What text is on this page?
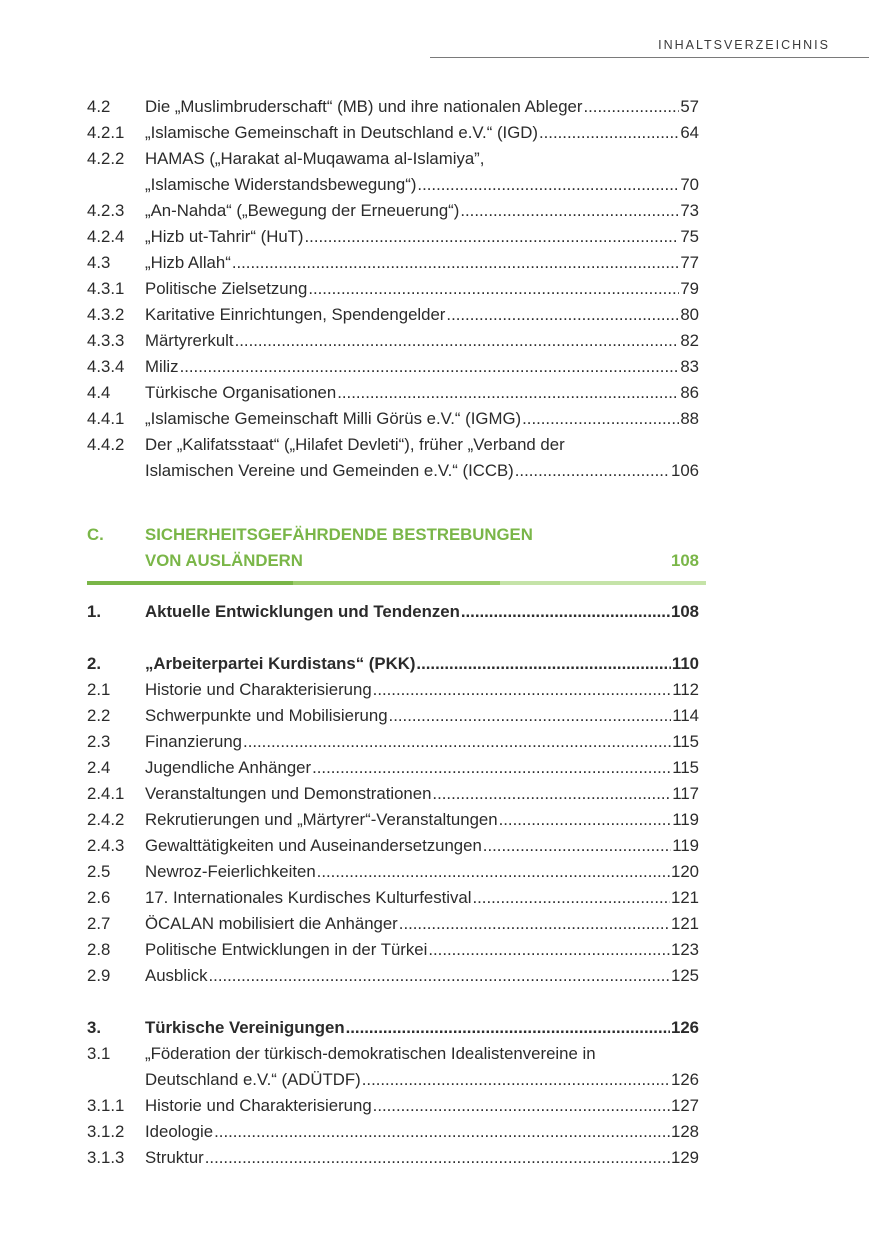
INHALTSVERZEICHNIS
4.2	Die „Muslimbruderschaft“ (MB) und ihre nationalen Ableger .....	57
4.2.1	„Islamische Gemeinschaft in Deutschland e.V.“ (IGD) .....	64
4.2.2	HAMAS („Harakat al-Muqawama al-Islamiya”,
„Islamische Widerstandsbewegung“) .....	70
4.2.3	„An-Nahda“ („Bewegung der Erneuerung“) .....	73
4.2.4	„Hizb ut-Tahrir“ (HuT) .....	75
4.3	„Hizb Allah“ .....	77
4.3.1	Politische Zielsetzung .....	79
4.3.2	Karitative Einrichtungen, Spendengelder .....	80
4.3.3	Märtyrerkult .....	82
4.3.4	Miliz .....	83
4.4	Türkische Organisationen .....	86
4.4.1	„Islamische Gemeinschaft Milli Görüs e.V.“ (IGMG) .....	88
4.4.2	Der „Kalifatsstaat“ („Hilafet Devleti“), früher „Verband der
Islamischen Vereine und Gemeinden e.V.“ (ICCB) .....	106
C.	SICHERHEITSGEFÄHRDENDE BESTREBUNGEN
VON AUSLÄNDERN	108
1.	Aktuelle Entwicklungen und Tendenzen .....	108
2.	„Arbeiterpartei Kurdistans“ (PKK) .....	110
2.1	Historie und Charakterisierung .....	112
2.2	Schwerpunkte und Mobilisierung .....	114
2.3	Finanzierung .....	115
2.4	Jugendliche Anhänger .....	115
2.4.1	Veranstaltungen und Demonstrationen .....	117
2.4.2	Rekrutierungen und „Märtyrer“-Veranstaltungen .....	119
2.4.3	Gewalttätigkeiten und Auseinandersetzungen .....	119
2.5	Newroz-Feierlichkeiten .....	120
2.6	17. Internationales Kurdisches Kulturfestival .....	121
2.7	ÖCALAN mobilisiert die Anhänger .....	121
2.8	Politische Entwicklungen in der Türkei .....	123
2.9	Ausblick .....	125
3.	Türkische Vereinigungen .....	126
3.1	„Föderation der türkisch-demokratischen Idealistenvereine in
Deutschland e.V.“ (ADÜTDF) .....	126
3.1.1	Historie und Charakterisierung .....	127
3.1.2	Ideologie .....	128
3.1.3	Struktur .....	129
